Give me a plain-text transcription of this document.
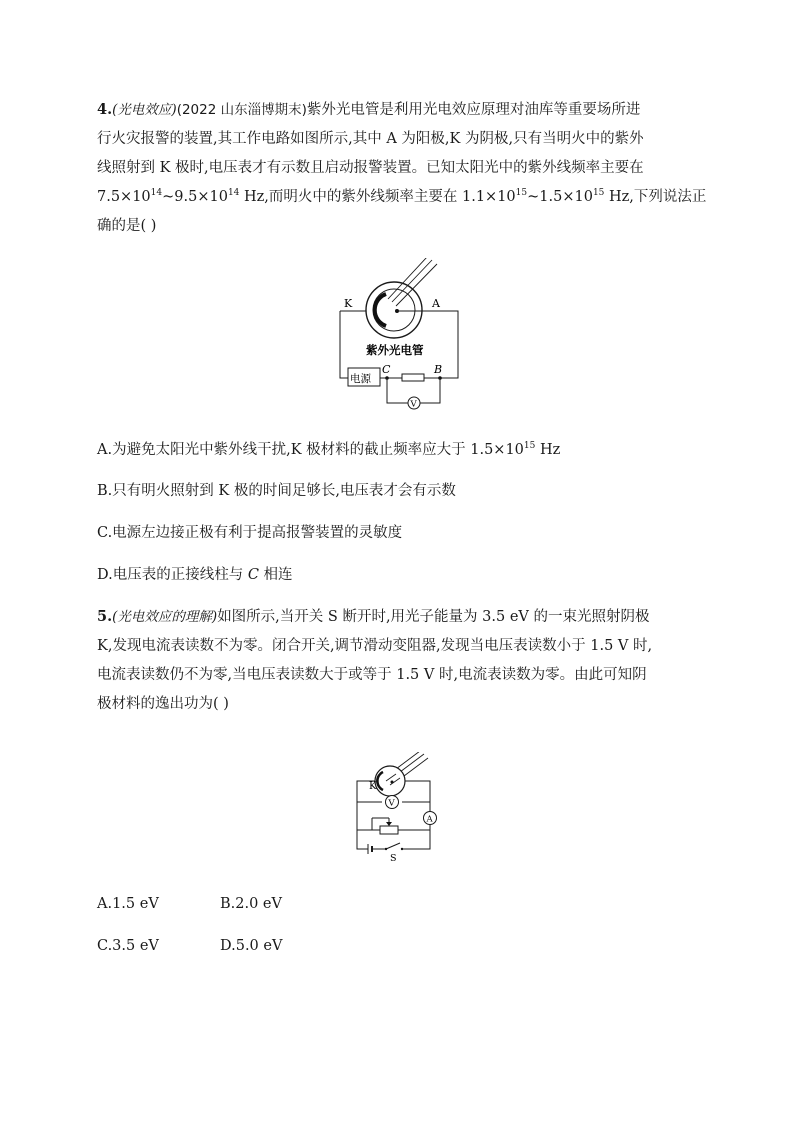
4.(光电效应)(2022 山东淄博期末)紫外光电管是利用光电效应原理对油库等重要场所进
行火灾报警的装置,其工作电路如图所示,其中 A 为阳极,K 为阴极,只有当明火中的紫外
线照射到 K 极时,电压表才有示数且启动报警装置。已知太阳光中的紫外线频率主要在
$7.5\times 10^{14}\sim 9.5\times 10^{14}$ Hz,而明火中的紫外线频率主要在 $1.1\times 10^{15}\sim 1.5\times 10^{15}$ Hz,下列说法正
确的是( )
K	A
紫外光电管
电源
C	B
V
A.为避免太阳光中紫外线干扰,K 极材料的截止频率应大于 $1.5\times 10^{15}$ Hz
B.只有明火照射到 K 极的时间足够长,电压表才会有示数
C.电源左边接正极有利于提高报警装置的灵敏度
D.电压表的正接线柱与 C 相连
5.(光电效应的理解)如图所示,当开关 S 断开时,用光子能量为 3.5 eV 的一束光照射阴极
K,发现电流表读数不为零。闭合开关,调节滑动变阻器,发现当电压表读数小于 1.5 V 时,
电流表读数仍不为零,当电压表读数大于或等于 1.5 V 时,电流表读数为零。由此可知阴
极材料的逸出功为( )
K
V
A
S
A.1.5 eV	B.2.0 eV
C.3.5 eV	D.5.0 eV
